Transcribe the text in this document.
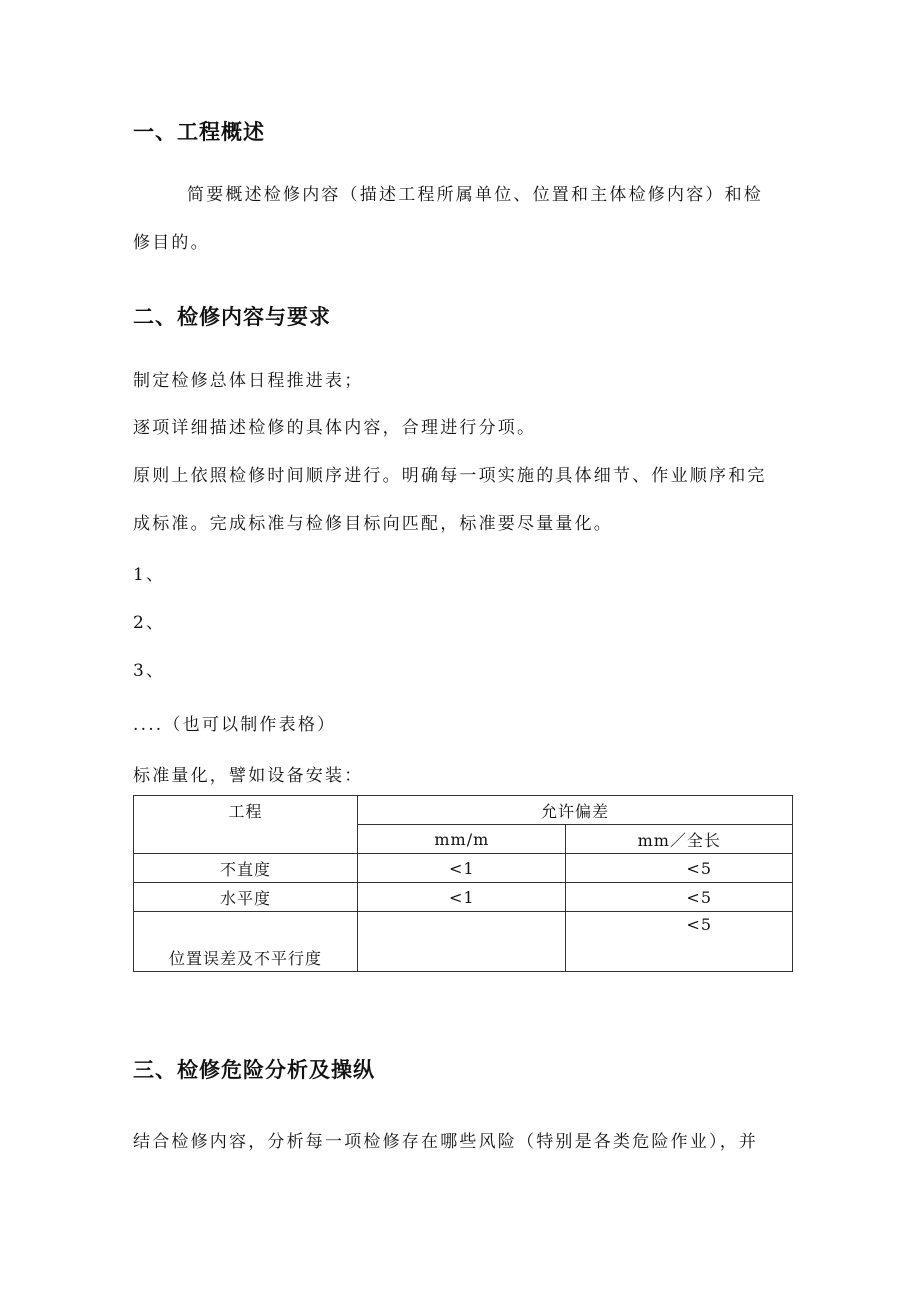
一、工程概述
简要概述检修内容（描述工程所属单位、位置和主体检修内容）和检
修目的。
二、检修内容与要求
制定检修总体日程推进表；
逐项详细描述检修的具体内容，合理进行分项。
原则上依照检修时间顺序进行。明确每一项实施的具体细节、作业顺序和完
成标准。完成标准与检修目标向匹配，标准要尽量量化。
1、
2、
3、
....（也可以制作表格）
标准量化，譬如设备安装：
工程	允许偏差	
	mm/m	mm／全长
不直度	<1	<5
水平度	<1	<5
位置误差及不平行度		<5
三、检修危险分析及操纵
结合检修内容，分析每一项检修存在哪些风险（特别是各类危险作业），并
